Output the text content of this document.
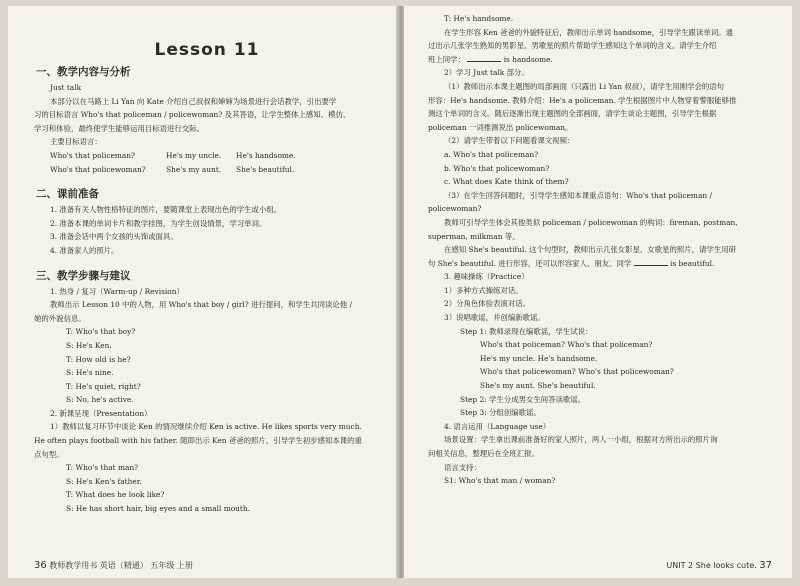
Lesson 11
一、教学内容与分析
Just talk
本部分以在马路上 Li Yan 向 Kate 介绍自己叔叔和婶婶为场景进行会话教学，引出要学
习的目标语言 Who's that policeman / policewoman? 及其答语，让学生整体上感知、模仿、
学习和体验，最终使学生能够运用目标语进行交际。
主要目标语言：
Who's that policeman?	He's my uncle.	He's handsome.
Who's that policewoman?	She's my aunt.	She's beautiful.
二、课前准备
1. 准备有关人物性格特征的图片，要随课堂上表现出色的学生或小组。
2. 准备本课的单词卡片和教学挂图，为学生创设情景，学习单词。
3. 准备会话中两个女孩的头饰或面具。
4. 准备家人的照片。
三、教学步骤与建议
1. 热身 / 复习（Warm-up / Revision）
教师出示 Lesson 10 中的人物，用 Who's that boy / girl? 进行提问，和学生共同谈论他 /
她的外貌信息。
T: Who's that boy?
S: He's Ken.
T: How old is he?
S: He's nine.
T: He's quiet, right?
S: No, he's active.
2. 新课呈现（Presentation）
1）教师以复习环节中谈论 Ken 的情况继续介绍 Ken is active. He likes sports very much.
He often plays football with his father. 随即出示 Ken 爸爸的照片，引导学生初步感知本课的重
点句型。
T: Who's that man?
S: He's Ken's father.
T: What does he look like?
S: He has short hair, big eyes and a small mouth.
36 教师教学用书 英语（精通） 五年级 上册
T: He's handsome.
在学生形容 Ken 爸爸的外貌特征后，教师出示单词 handsome，引导学生跟读单词。通
过出示几张学生熟知的男影星、男歌星的照片帮助学生感知这个单词的含义。请学生介绍
班上同学：	is handsome.
2）学习 Just talk 部分。
（1）教师出示本课主题图的局部画面（只露出 Li Yan 叔叔），请学生用刚学会的语句
形容：He's handsome. 教师介绍：He's a policeman. 学生根据图片中人物穿着警服能够推
测这个单词的含义。随后逐渐出现主题图的全部画面，请学生谈论主题图，引导学生根据
policeman 一词推测说出 policewoman。
（2）请学生带着以下问题看课文视频：
a. Who's that policeman?
b. Who's that policewoman?
c. What does Kate think of them?
（3）在学生回答问题时，引导学生感知本课重点语句：Who's that policeman /
policewoman?
教师可引导学生体会其他类似 policeman / policewoman 的构词：fireman, postman,
superman, milkman 等。
在感知 She's beautiful. 这个句型时，教师出示几张女影星、女歌星的照片，请学生用研
句 She's beautiful. 进行形容，还可以形容家人、朋友、同学	is beautiful.
3. 趣味操练（Practice）
1）多种方式操练对话。
2）分角色体验表演对话。
3）说唱歌谣，并创编新歌谣。
Step 1: 教师录现在编歌谣，学生试说：
Who's that policeman? Who's that policeman?
He's my uncle. He's handsome.
Who's that policewoman? Who's that policewoman?
She's my aunt. She's beautiful.
Step 2: 学生分成男女生间答读歌谣。
Step 3: 分组创编歌谣。
4. 语言运用（Language use）
场景设置：学生拿出课前准备好的家人照片，两人一小组，根据对方所出示的照片询
问相关信息，整理后在全班汇报。
语言支持：
S1: Who's that man / woman?
UNIT 2 She looks cute. 37
